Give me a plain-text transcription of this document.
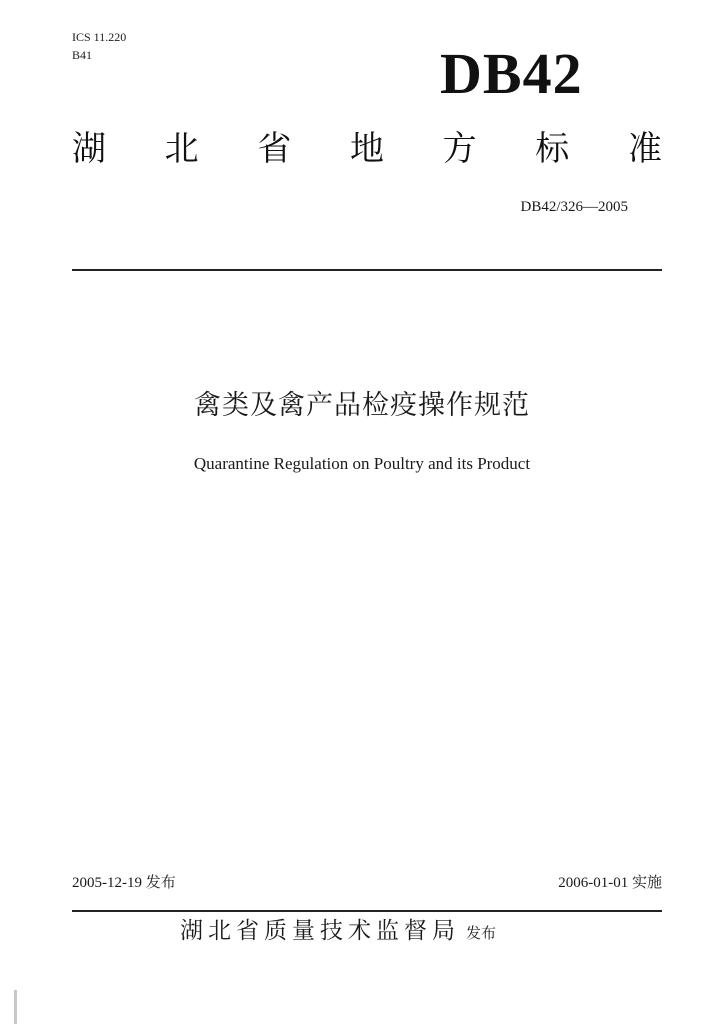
ICS 11.220
B41	DB42
湖 北 省 地 方 标 准
DB42/326—2005
禽类及禽产品检疫操作规范
Quarantine Regulation on Poultry and its Product
2005-12-19 发布	2006-01-01 实施
湖北省质量技术监督局 发布
